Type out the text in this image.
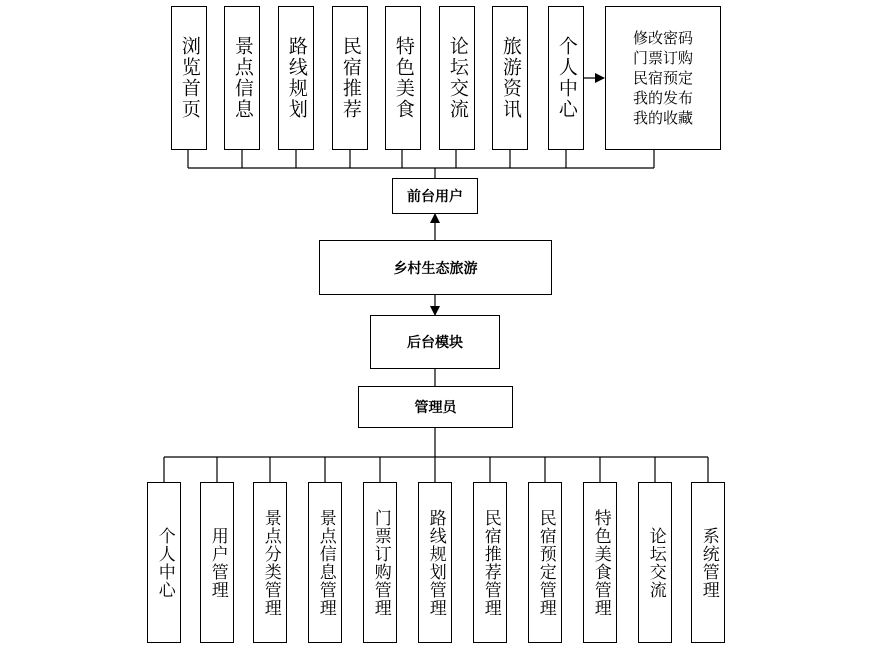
浏览首页	景点信息	路线规划	民宿推荐	特色美食	论坛交流	旅游资讯	个人中心	修改密码
门票订购
民宿预定
我的发布
我的收藏
前台用户
乡村生态旅游
后台模块
管理员
个人中心	用户管理	景点分类管理	景点信息管理	门票订购管理	路线规划管理	民宿推荐管理	民宿预定管理	特色美食管理	论坛交流	系统管理
